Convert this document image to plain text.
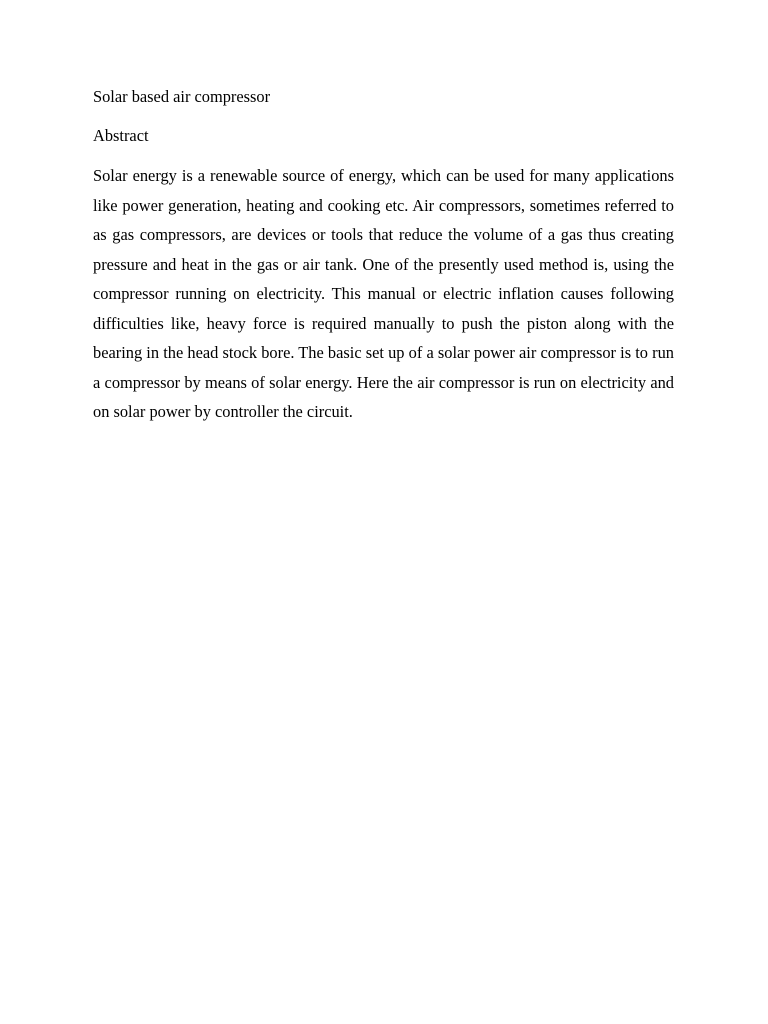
Solar based air compressor

Abstract

Solar energy is a renewable source of energy, which can be used for many applications like power generation, heating and cooking etc. Air compressors, sometimes referred to as gas compressors, are devices or tools that reduce the volume of a gas thus creating pressure and heat in the gas or air tank. One of the presently used method is, using the compressor running on electricity. This manual or electric inflation causes following difficulties like, heavy force is required manually to push the piston along with the bearing in the head stock bore. The basic set up of a solar power air compressor is to run a compressor by means of solar energy. Here the air compressor is run on electricity and on solar power by controller the circuit.
